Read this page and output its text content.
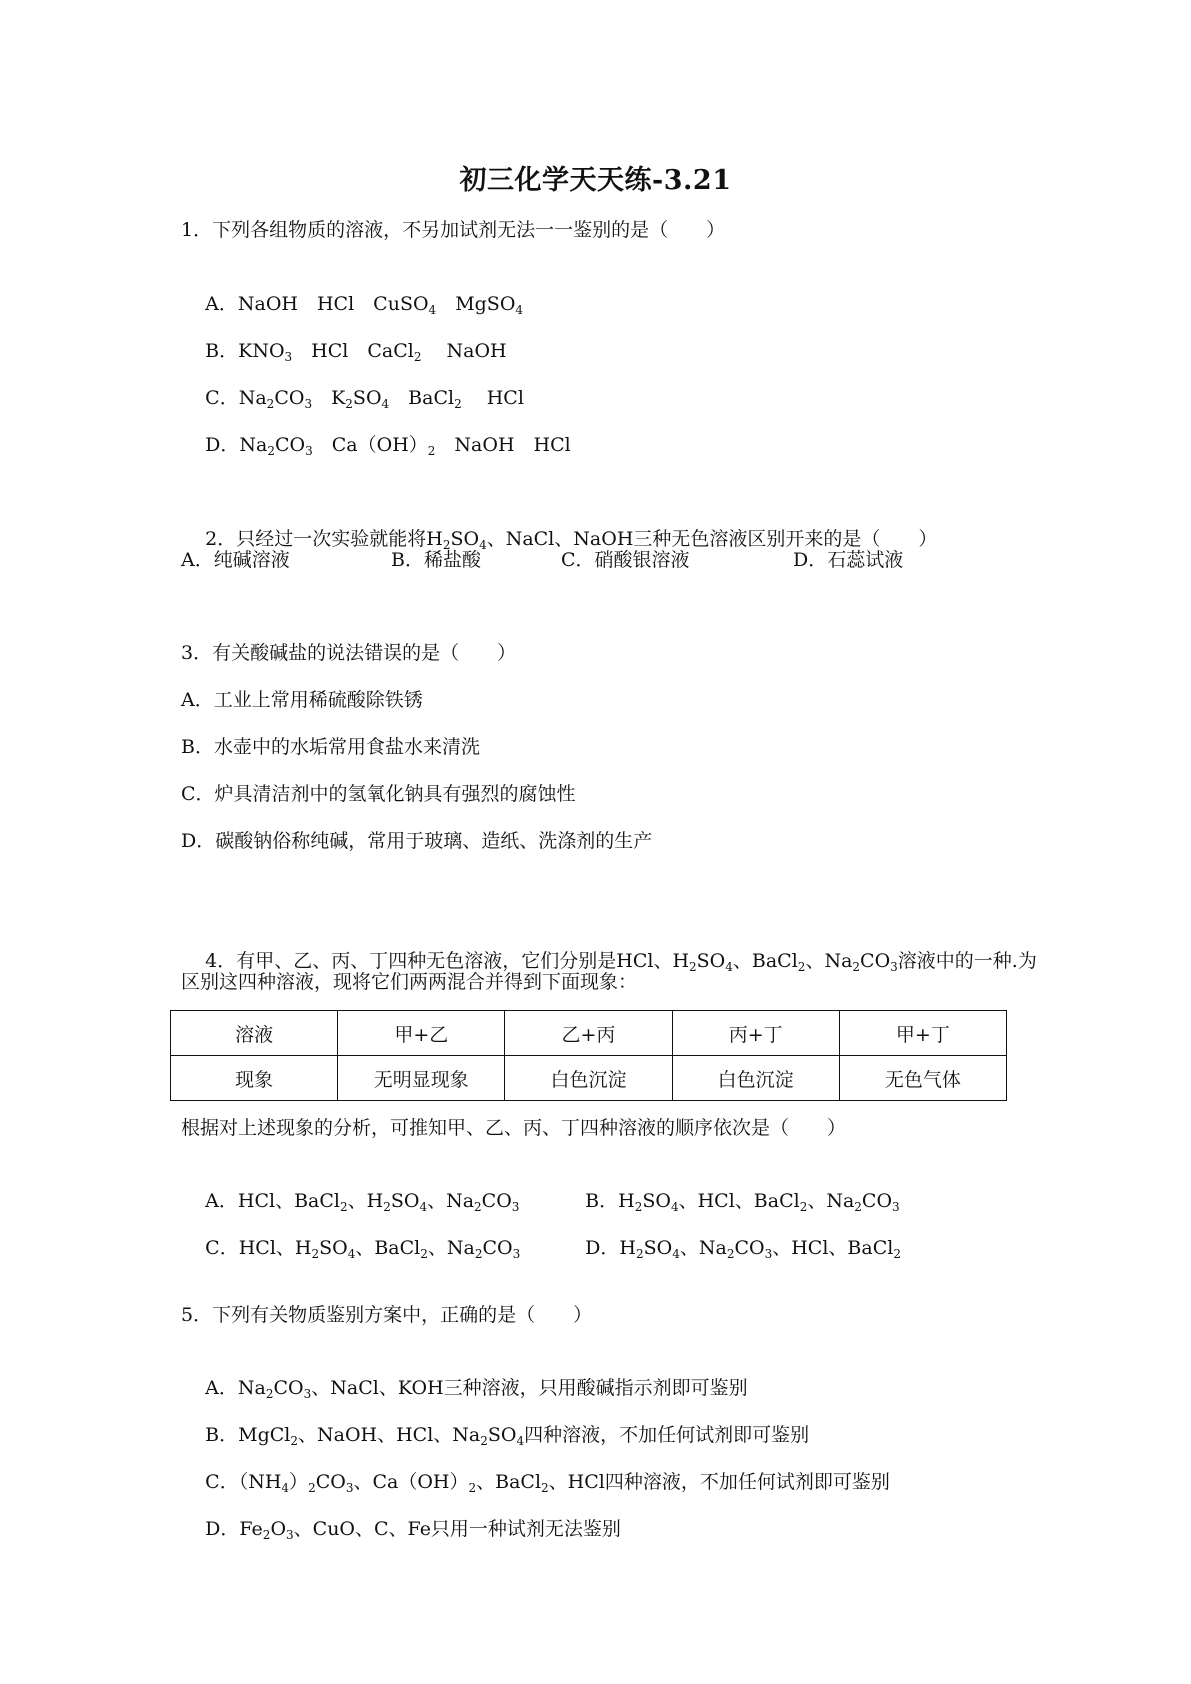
初三化学天天练-3.21
1．下列各组物质的溶液，不另加试剂无法一一鉴别的是（　　）

A．NaOH　HCl　CuSO$_4$　MgSO$_4$

B．$KNO_3$　HCl　CaCl$_2$　 NaOH

C．$Na_2CO_3$　$K_2SO_4$　BaCl$_2$ 　HCl

D．$Na_2CO_3$　$Ca(OH)_2$　NaOH　HCl

2．只经过一次实验就能将$H_2SO_4$、NaCl、NaOH三种无色溶液区别开来的是（　　）

A．纯碱溶液	B．稀盐酸	C．硝酸银溶液	D．石蕊试液
3．有关酸碱盐的说法错误的是（　　）
A．工业上常用稀硫酸除铁锈
B．水壶中的水垢常用食盐水来清洗
C．炉具清洁剂中的氢氧化钠具有强烈的腐蚀性
D．碳酸钠俗称纯碱，常用于玻璃、造纸、洗涤剂的生产

4．有甲、乙、丙、丁四种无色溶液，它们分别是HCl、$H_2SO_4$、BaCl$_2$、$Na_2CO_3$溶液中的一种.为

区别这四种溶液，现将它们两两混合并得到下面现象：
溶液	甲+乙	乙+丙	丙+丁	甲+丁
现象	无明显现象	白色沉淀	白色沉淀	无色气体
根据对上述现象的分析，可推知甲、乙、丙、丁四种溶液的顺序依次是（　　）

A．HCl、BaCl$_2$、$H_2SO_4$、$Na_2CO_3$
	B．$H_2SO_4$、HCl、BaCl$_2$、$Na_2CO_3$

C．HCl、$H_2SO_4$、BaCl$_2$、$Na_2CO_3$
	D．$H_2SO_4$、$Na_2CO_3$、HCl、BaCl$_2$

5．下列有关物质鉴别方案中，正确的是（　　）

A．$Na_2CO_3$、NaCl、KOH三种溶液，只用酸碱指示剂即可鉴别

B．MgCl$_2$、NaOH、HCl、$Na_2SO_4$四种溶液，不加任何试剂即可鉴别

C．$(NH_4)_2CO_3$、$Ca(OH)_2$、BaCl$_2$、HCl四种溶液，不加任何试剂即可鉴别

D．$Fe_2O_3$、CuO、C、Fe只用一种试剂无法鉴别
